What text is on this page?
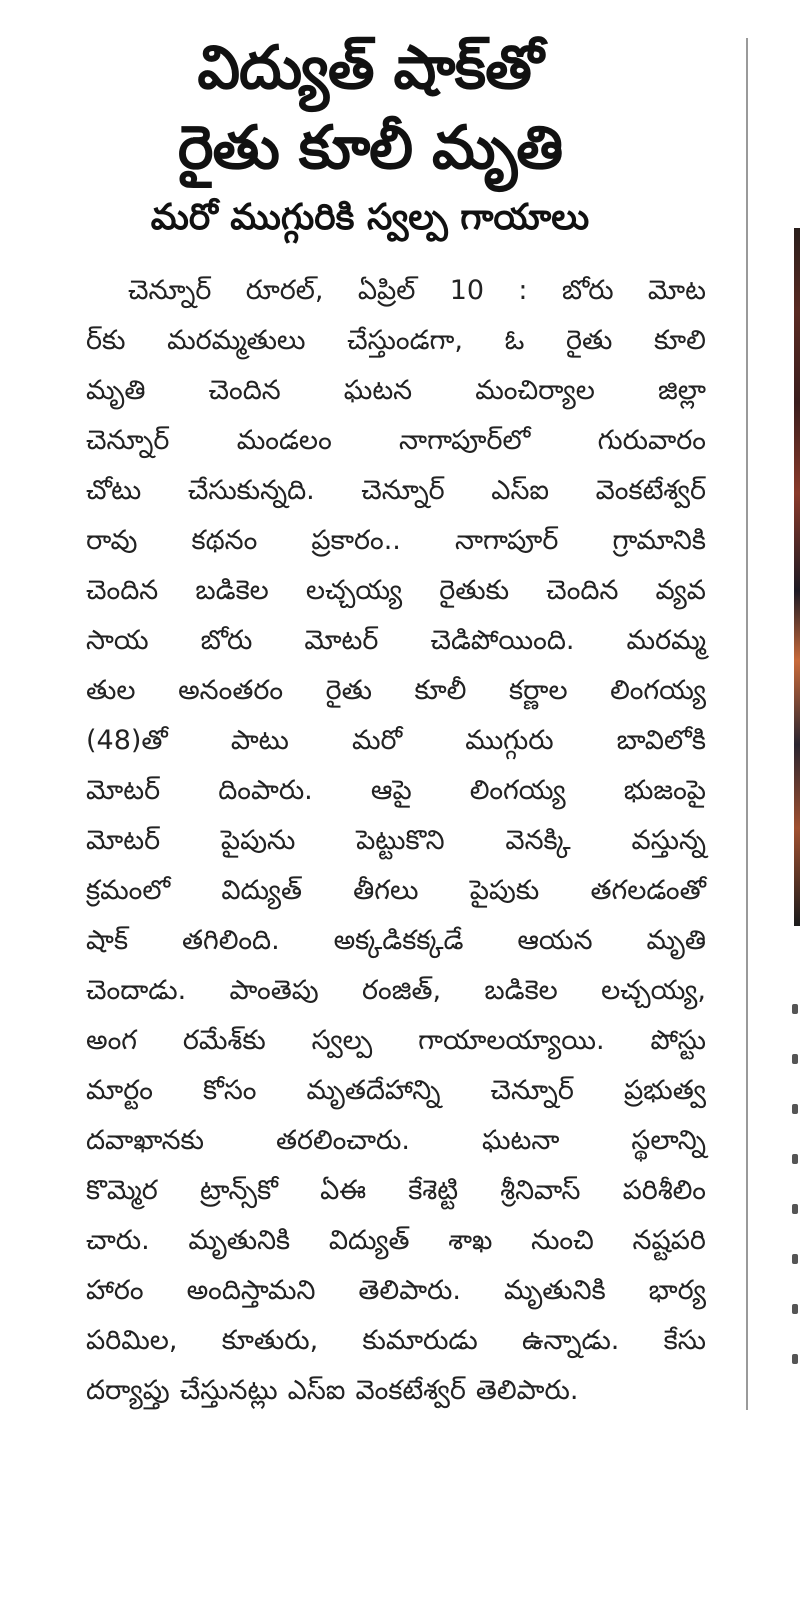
విద్యుత్ షాక్‌తో
రైతు కూలీ మృతి
మరో ముగ్గురికి స్వల్ప గాయాలు
చెన్నూర్ రూరల్, ఏప్రిల్ 10 : బోరు మోట
ర్‌కు మరమ్మతులు చేస్తుండగా, ఓ రైతు కూలి
మృతి చెందిన ఘటన మంచిర్యాల జిల్లా
చెన్నూర్ మండలం నాగాపూర్‌లో గురువారం
చోటు చేసుకున్నది. చెన్నూర్ ఎస్ఐ వెంకటేశ్వర్
రావు కథనం ప్రకారం.. నాగాపూర్ గ్రామానికి
చెందిన బడికెల లచ్చయ్య రైతుకు చెందిన వ్యవ
సాయ బోరు మోటర్ చెడిపోయింది. మరమ్మ
తుల అనంతరం రైతు కూలీ కర్ణాల లింగయ్య
(48)తో పాటు మరో ముగ్గురు బావిలోకి
మోటర్ దింపారు. ఆపై లింగయ్య భుజంపై
మోటర్ పైపును పెట్టుకొని వెనక్కి వస్తున్న
క్రమంలో విద్యుత్ తీగలు పైపుకు తగలడంతో
షాక్ తగిలింది. అక్కడికక్కడే ఆయన మృతి
చెందాడు. పాంతెపు రంజిత్, బడికెల లచ్చయ్య,
అంగ రమేశ్‌కు స్వల్ప గాయాలయ్యాయి. పోస్టు
మార్టం కోసం మృతదేహాన్ని చెన్నూర్ ప్రభుత్వ
దవాఖానకు	తరలించారు.	ఘటనా	స్థలాన్ని
కొమ్మెర ట్రాన్స్‌కో ఏఈ కేశెట్టి శ్రీనివాస్ పరిశీలిం
చారు. మృతునికి విద్యుత్ శాఖ నుంచి నష్టపరి
హారం అందిస్తామని తెలిపారు. మృతునికి భార్య
పరిమిల, కూతురు, కుమారుడు ఉన్నాడు. కేసు
దర్యాప్తు చేస్తునట్లు ఎస్ఐ వెంకటేశ్వర్ తెలిపారు.
